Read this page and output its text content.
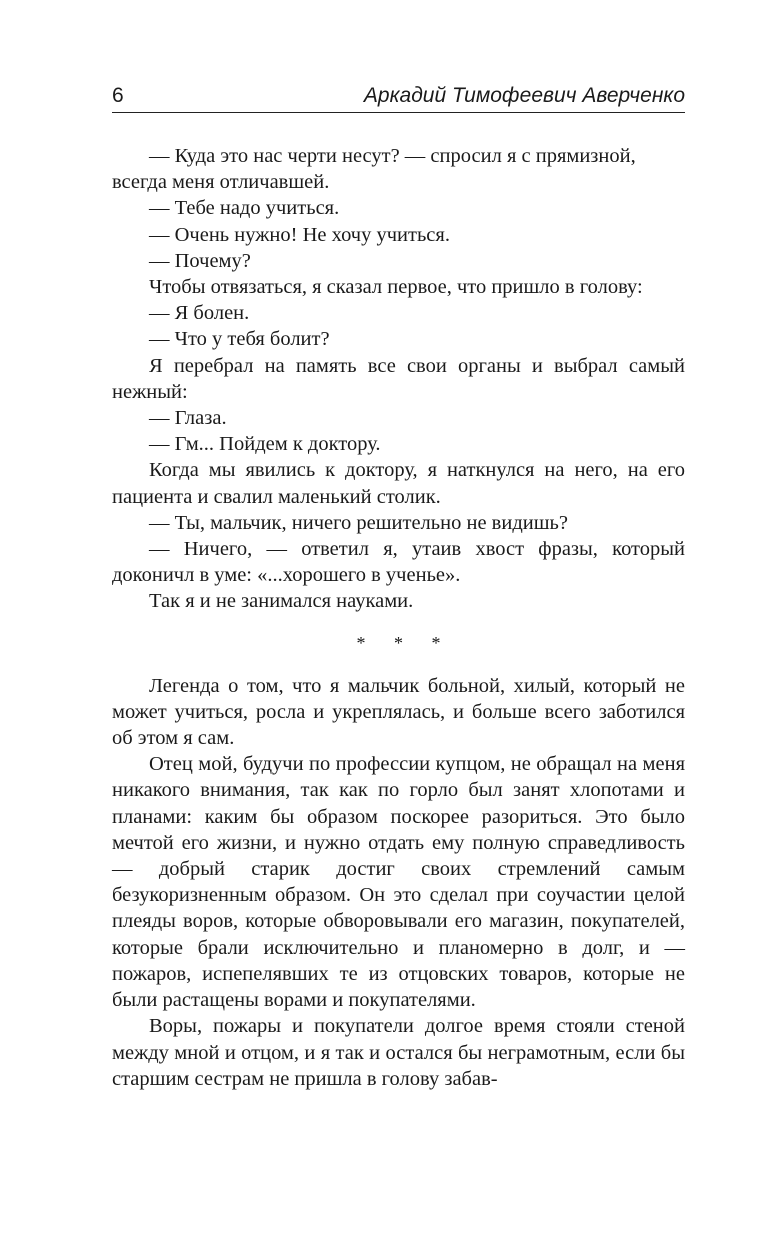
6	Аркадий Тимофеевич Аверченко

— Куда это нас черти несут? — спросил я с прямизной, всегда меня отличавшей.

— Тебе надо учиться.

— Очень нужно! Не хочу учиться.

— Почему?

Чтобы отвязаться, я сказал первое, что пришло в голову:

— Я болен.

— Что у тебя болит?

Я перебрал на память все свои органы и выбрал самый нежный:

— Глаза.

— Гм... Пойдем к доктору.

Когда мы явились к доктору, я наткнулся на него, на его пациента и свалил маленький столик.

— Ты, мальчик, ничего решительно не видишь?

— Ничего, — ответил я, утаив хвост фразы, который доконичл в уме: «...хорошего в ученье».

Так я и не занимался науками.

* * *

Легенда о том, что я мальчик больной, хилый, который не может учиться, росла и укреплялась, и больше всего заботился об этом я сам.

Отец мой, будучи по профессии купцом, не обращал на меня никакого внимания, так как по горло был занят хлопотами и планами: каким бы образом поскорее разориться. Это было мечтой его жизни, и нужно отдать ему полную справедливость — добрый старик достиг своих стремлений самым безукоризненным образом. Он это сделал при соучастии целой плеяды воров, которые обворовывали его магазин, покупателей, которые брали исключительно и планомерно в долг, и — пожаров, испепелявших те из отцовских товаров, которые не были растащены ворами и покупателями.

Воры, пожары и покупатели долгое время стояли стеной между мной и отцом, и я так и остался бы неграмотным, если бы старшим сестрам не пришла в голову забав-
